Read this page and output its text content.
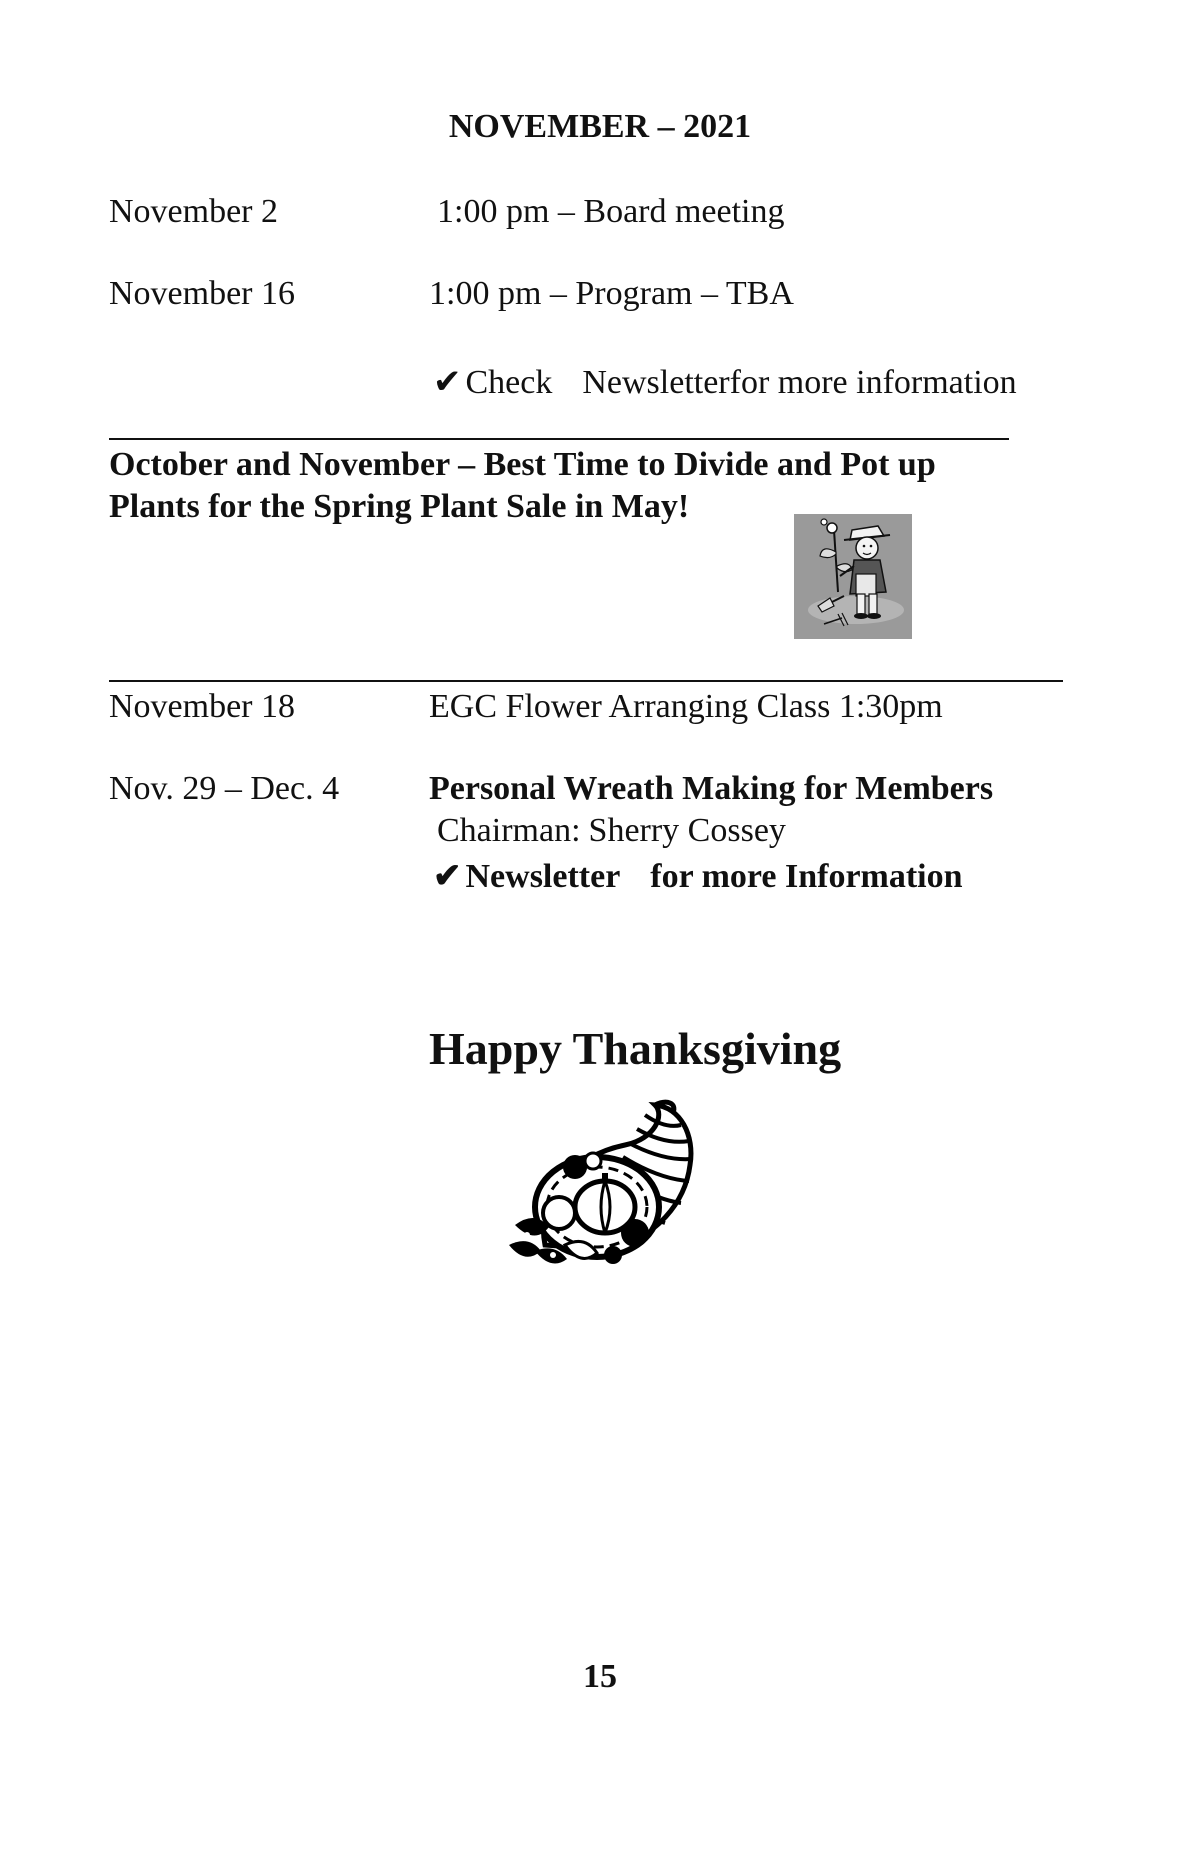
NOVEMBER – 2021
November 2	1:00 pm – Board meeting
November 16	1:00 pm – Program – TBA
✔ Check Newsletterfor more information
October and November – Best Time to Divide and Pot up
Plants for the Spring Plant Sale in May!
November 18	EGC Flower Arranging Class 1:30pm
Nov. 29 – Dec. 4	Personal Wreath Making for Members
Chairman: Sherry Cossey
✔ Newsletter for more Information
Happy Thanksgiving
15
